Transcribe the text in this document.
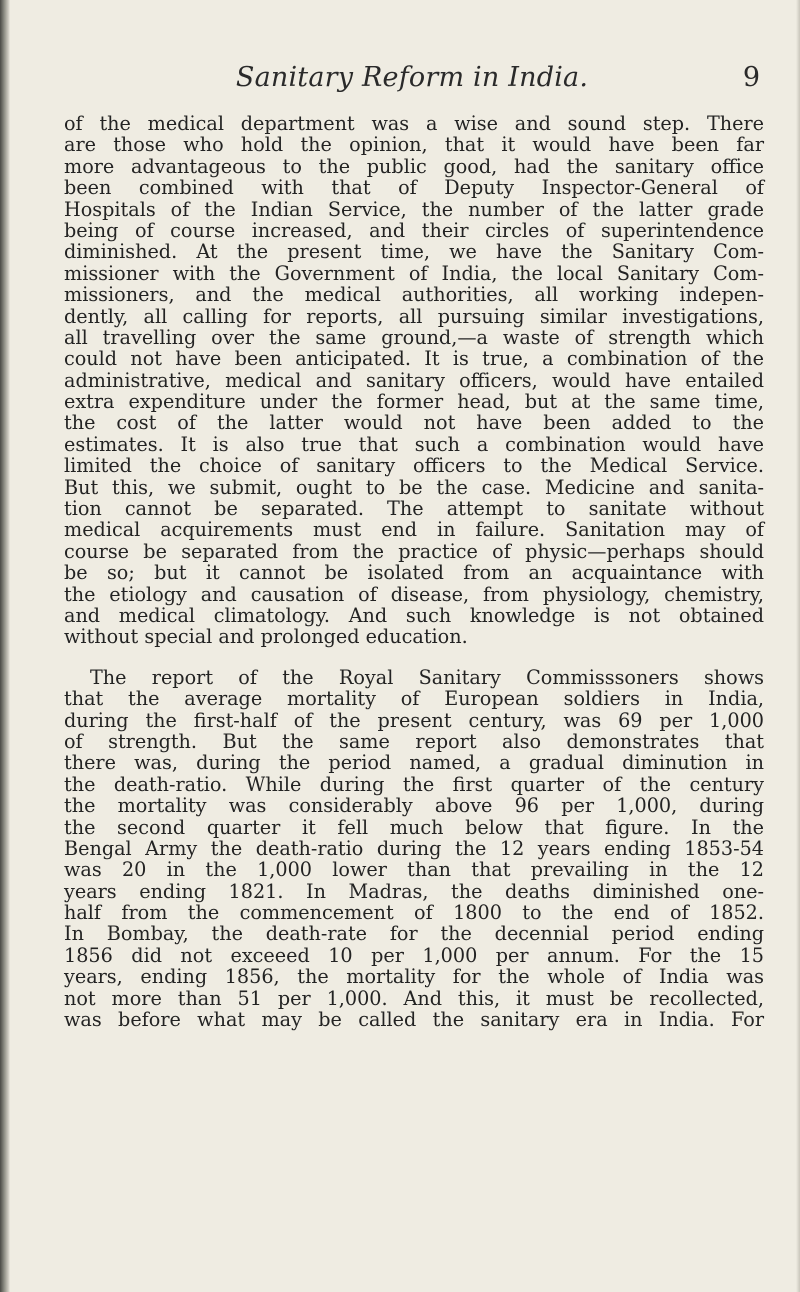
Sanitary Reform in India.	9
of the medical department was a wise and sound step. There
are those who hold the opinion, that it would have been far
more advantageous to the public good, had the sanitary office
been combined with that of Deputy Inspector-General of
Hospitals of the Indian Service, the number of the latter grade
being of course increased, and their circles of superintendence
diminished. At the present time, we have the Sanitary Com-
missioner with the Government of India, the local Sanitary Com-
missioners, and the medical authorities, all working indepen-
dently, all calling for reports, all pursuing similar investigations,
all travelling over the same ground,—a waste of strength which
could not have been anticipated. It is true, a combination of the
administrative, medical and sanitary officers, would have entailed
extra expenditure under the former head, but at the same time,
the cost of the latter would not have been added to the
estimates. It is also true that such a combination would have
limited the choice of sanitary officers to the Medical Service.
But this, we submit, ought to be the case. Medicine and sanita-
tion cannot be separated. The attempt to sanitate without
medical acquirements must end in failure. Sanitation may of
course be separated from the practice of physic—perhaps should
be so; but it cannot be isolated from an acquaintance with
the etiology and causation of disease, from physiology, chemistry,
and medical climatology. And such knowledge is not obtained
without special and prolonged education.
The report of the Royal Sanitary Commisssoners shows
that the average mortality of European soldiers in India,
during the first-half of the present century, was 69 per 1,000
of strength. But the same report also demonstrates that
there was, during the period named, a gradual diminution in
the death-ratio. While during the first quarter of the century
the mortality was considerably above 96 per 1,000, during
the second quarter it fell much below that figure. In the
Bengal Army the death-ratio during the 12 years ending 1853-54
was 20 in the 1,000 lower than that prevailing in the 12
years ending 1821. In Madras, the deaths diminished one-
half from the commencement of 1800 to the end of 1852.
In Bombay, the death-rate for the decennial period ending
1856 did not exceeed 10 per 1,000 per annum. For the 15
years, ending 1856, the mortality for the whole of India was
not more than 51 per 1,000. And this, it must be recollected,
was before what may be called the sanitary era in India. For
